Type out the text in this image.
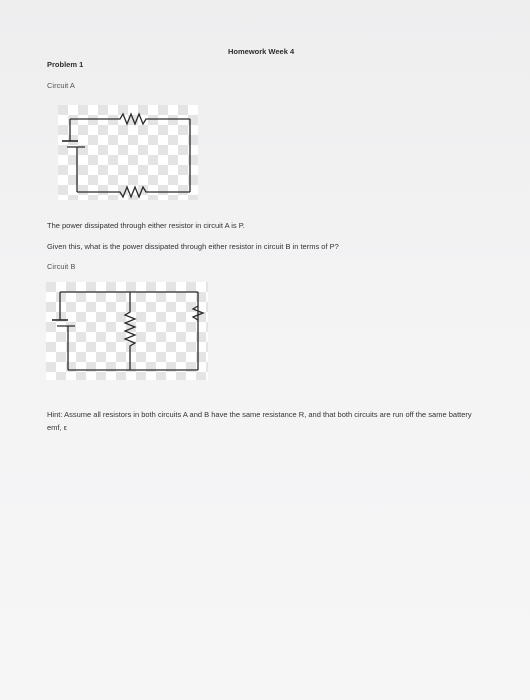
Homework Week 4
Problem 1
Circuit A
The power dissipated through either resistor in circuit A is P.
Given this, what is the power dissipated through either resistor in circuit B in terms of P?
Circuit B
Hint: Assume all resistors in both circuits A and B have the same resistance R, and that both circuits are run off the same battery emf, ε
